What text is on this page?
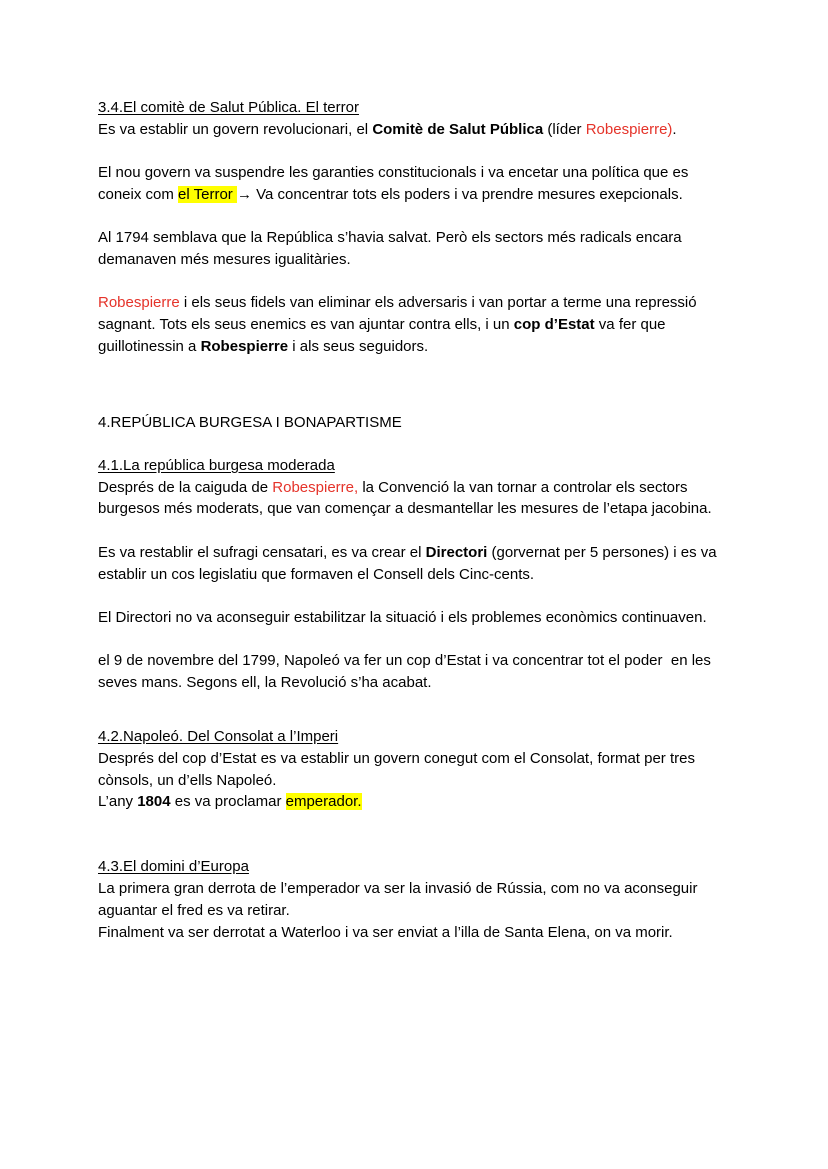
3.4.El comitè de Salut Pública. El terror

Es va establir un govern revolucionari, el Comitè de Salut Pública (líder Robespierre).

El nou govern va suspendre les garanties constitucionals i va encetar una política que es coneix com el Terror → Va concentrar tots els poders i va prendre mesures exepcionals.

Al 1794 semblava que la República s’havia salvat. Però els sectors més radicals encara demanaven més mesures igualitàries.

Robespierre i els seus fidels van eliminar els adversaris i van portar a terme una repressió sagnant. Tots els seus enemics es van ajuntar contra ells, i un cop d’Estat va fer que guillotinessin a Robespierre i als seus seguidors.

4.REPÚBLICA BURGESA I BONAPARTISME

4.1.La república burgesa moderada

Després de la caiguda de Robespierre, la Convenció la van tornar a controlar els sectors burgesos més moderats, que van començar a desmantellar les mesures de l’etapa jacobina.

Es va restablir el sufragi censatari, es va crear el Directori (gorvernat per 5 persones) i es va establir un cos legislatiu que formaven el Consell dels Cinc-cents.

El Directori no va aconseguir estabilitzar la situació i els problemes econòmics continuaven.

el 9 de novembre del 1799, Napoleó va fer un cop d’Estat i va concentrar tot el poder  en les seves mans. Segons ell, la Revolució s’ha acabat.

4.2.Napoleó. Del Consolat a l’Imperi

Després del cop d’Estat es va establir un govern conegut com el Consolat, format per tres cònsols, un d’ells Napoleó.

L’any 1804 es va proclamar emperador.

4.3.El domini d’Europa

La primera gran derrota de l’emperador va ser la invasió de Rússia, com no va aconseguir aguantar el fred es va retirar.

Finalment va ser derrotat a Waterloo i va ser enviat a l’illa de Santa Elena, on va morir.
